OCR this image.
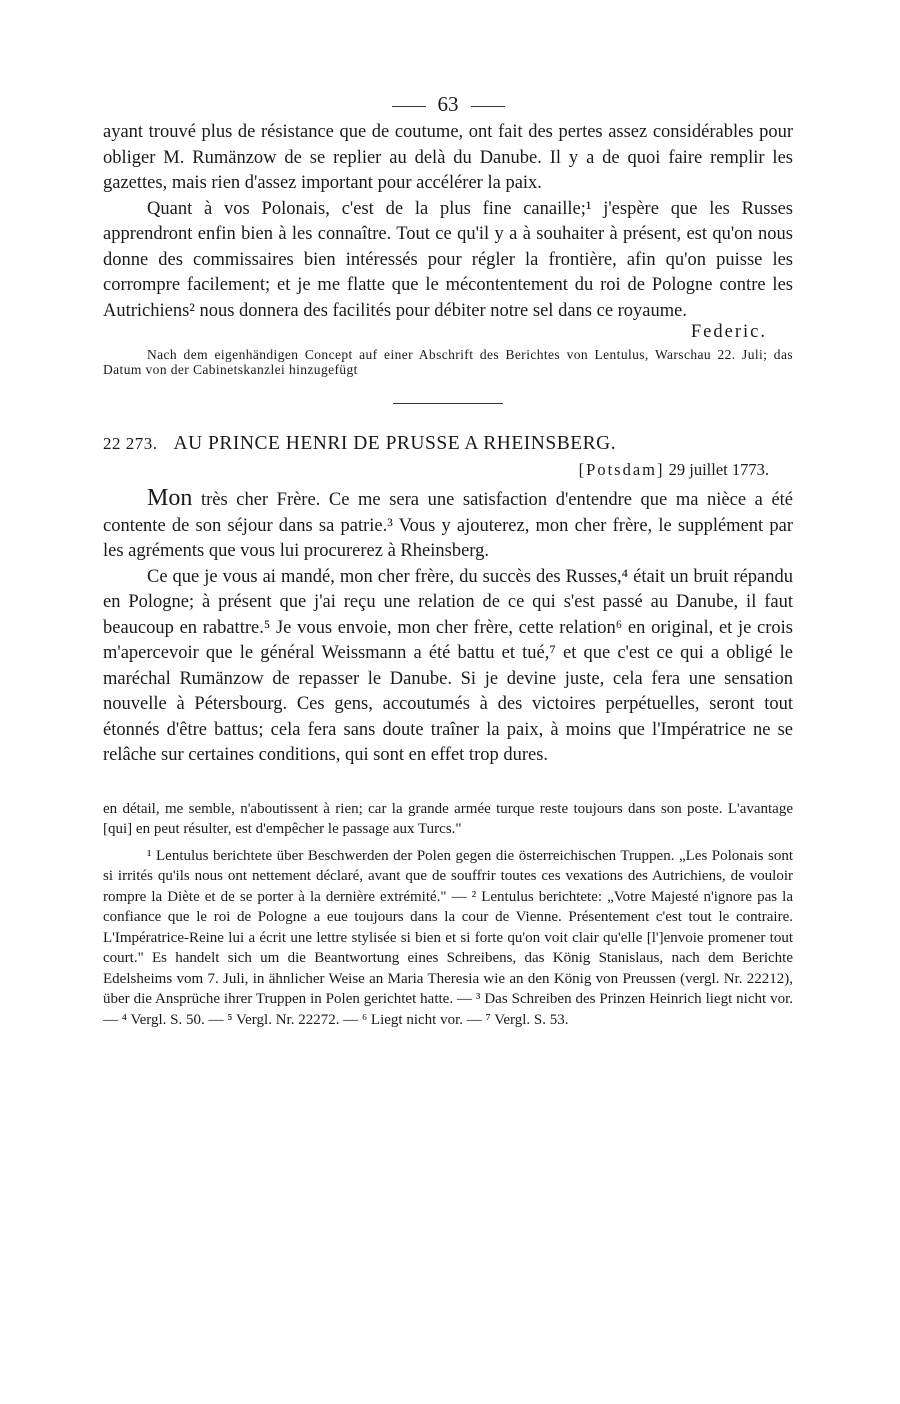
63

ayant trouvé plus de résistance que de coutume, ont fait des pertes assez considérables pour obliger M. Rumänzow de se replier au delà du Danube. Il y a de quoi faire remplir les gazettes, mais rien d'assez important pour accélérer la paix.

Quant à vos Polonais, c'est de la plus fine canaille;¹ j'espère que les Russes apprendront enfin bien à les connaître. Tout ce qu'il y a à souhaiter à présent, est qu'on nous donne des commissaires bien intéressés pour régler la frontière, afin qu'on puisse les corrompre facilement; et je me flatte que le mécontentement du roi de Pologne contre les Autrichiens² nous donnera des facilités pour débiter notre sel dans ce royaume.

Federic.

Nach dem eigenhändigen Concept auf einer Abschrift des Berichtes von Lentulus, Warschau 22. Juli; das Datum von der Cabinetskanzlei hinzugefügt

22 273. AU PRINCE HENRI DE PRUSSE A RHEINSBERG.
[Potsdam] 29 juillet 1773.

Mon très cher Frère. Ce me sera une satisfaction d'entendre que ma nièce a été contente de son séjour dans sa patrie.³ Vous y ajouterez, mon cher frère, le supplément par les agréments que vous lui procurerez à Rheinsberg.

Ce que je vous ai mandé, mon cher frère, du succès des Russes,⁴ était un bruit répandu en Pologne; à présent que j'ai reçu une relation de ce qui s'est passé au Danube, il faut beaucoup en rabattre.⁵ Je vous envoie, mon cher frère, cette relation⁶ en original, et je crois m'apercevoir que le général Weissmann a été battu et tué,⁷ et que c'est ce qui a obligé le maréchal Rumänzow de repasser le Danube. Si je devine juste, cela fera une sensation nouvelle à Pétersbourg. Ces gens, accoutumés à des victoires perpétuelles, seront tout étonnés d'être battus; cela fera sans doute traîner la paix, à moins que l'Impératrice ne se relâche sur certaines conditions, qui sont en effet trop dures.

en détail, me semble, n'aboutissent à rien; car la grande armée turque reste toujours dans son poste. L'avantage [qui] en peut résulter, est d'empêcher le passage aux Turcs."

¹ Lentulus berichtete über Beschwerden der Polen gegen die österreichischen Truppen. „Les Polonais sont si irrités qu'ils nous ont nettement déclaré, avant que de souffrir toutes ces vexations des Autrichiens, de vouloir rompre la Diète et de se porter à la dernière extrémité." — ² Lentulus berichtete: „Votre Majesté n'ignore pas la confiance que le roi de Pologne a eue toujours dans la cour de Vienne. Présentement c'est tout le contraire. L'Impératrice-Reine lui a écrit une lettre stylisée si bien et si forte qu'on voit clair qu'elle [l']envoie promener tout court." Es handelt sich um die Beantwortung eines Schreibens, das König Stanislaus, nach dem Berichte Edelsheims vom 7. Juli, in ähnlicher Weise an Maria Theresia wie an den König von Preussen (vergl. Nr. 22212), über die Ansprüche ihrer Truppen in Polen gerichtet hatte. — ³ Das Schreiben des Prinzen Heinrich liegt nicht vor. — ⁴ Vergl. S. 50. — ⁵ Vergl. Nr. 22272. — ⁶ Liegt nicht vor. — ⁷ Vergl. S. 53.
